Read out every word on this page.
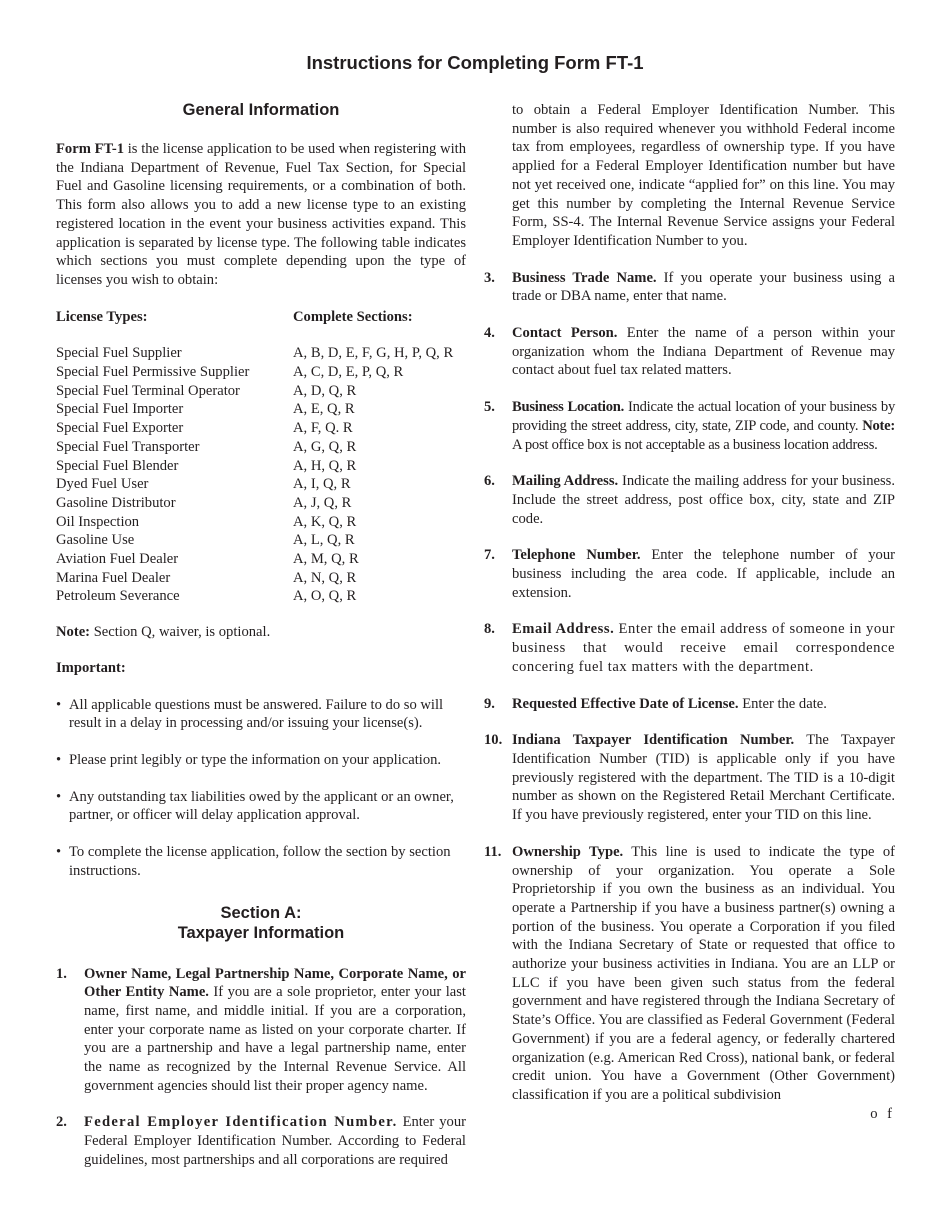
Instructions for Completing Form FT-1
General Information

Form FT-1 is the license application to be used when registering with the Indiana Department of Revenue, Fuel Tax Section, for Special Fuel and Gasoline licensing requirements, or a combination of both. This form also allows you to add a new license type to an existing registered location in the event your business activities expand. This application is separated by license type. The following table indicates which sections you must complete depending upon the type of licenses you wish to obtain:

License Types:	Complete Sections:
Special Fuel Supplier	A, B, D, E, F, G, H, P, Q, R
Special Fuel Permissive Supplier	A, C, D, E, P, Q, R
Special Fuel Terminal Operator	A, D, Q, R
Special Fuel Importer	A, E, Q, R
Special Fuel Exporter	A, F, Q. R
Special Fuel Transporter	A, G, Q, R
Special Fuel Blender	A, H, Q, R
Dyed Fuel User	A, I, Q, R
Gasoline Distributor	A, J, Q, R
Oil Inspection	A, K, Q, R
Gasoline Use	A, L, Q, R
Aviation Fuel Dealer	A, M, Q, R
Marina Fuel Dealer	A, N, Q, R
Petroleum Severance	A, O, Q, R

Note: Section Q, waiver, is optional.

Important:
• All applicable questions must be answered. Failure to do so will result in a delay in processing and/or issuing your license(s).
• Please print legibly or type the information on your application.
• Any outstanding tax liabilities owed by the applicant or an owner, partner, or officer will delay application approval.
• To complete the license application, follow the section by section instructions.
Section A:
Taxpayer Information
1. Owner Name, Legal Partnership Name, Corporate Name, or Other Entity Name. If you are a sole proprietor, enter your last name, first name, and middle initial. If you are a corporation, enter your corporate name as listed on your corporate charter. If you are a partnership and have a legal partnership name, enter the name as recognized by the Internal Revenue Service. All government agencies should list their proper agency name.

2. Federal Employer Identification Number. Enter your Federal Employer Identification Number. According to Federal guidelines, most partnerships and all corporations are required

to obtain a Federal Employer Identification Number. This number is also required whenever you withhold Federal income tax from employees, regardless of ownership type. If you have applied for a Federal Employer Identification number but have not yet received one, indicate “applied for” on this line. You may get this number by completing the Internal Revenue Service Form, SS-4. The Internal Revenue Service assigns your Federal Employer Identification Number to you.

3. Business Trade Name. If you operate your business using a trade or DBA name, enter that name.

4. Contact Person. Enter the name of a person within your organization whom the Indiana Department of Revenue may contact about fuel tax related matters.

5. Business Location. Indicate the actual location of your business by providing the street address, city, state, ZIP code, and county. Note: A post office box is not acceptable as a business location address.

6. Mailing Address. Indicate the mailing address for your business. Include the street address, post office box, city, state and ZIP code.

7. Telephone Number. Enter the telephone number of your business including the area code. If applicable, include an extension.

8. Email Address. Enter the email address of someone in your business that would receive email correspondence concering fuel tax matters with the department.

9. Requested Effective Date of License. Enter the date.

10. Indiana Taxpayer Identification Number. The Taxpayer Identification Number (TID) is applicable only if you have previously registered with the department. The TID is a 10-digit number as shown on the Registered Retail Merchant Certificate. If you have previously registered, enter your TID on this line.

11. Ownership Type. This line is used to indicate the type of ownership of your organization. You operate a Sole Proprietorship if you own the business as an individual. You operate a Partnership if you have a business partner(s) owning a portion of the business. You operate a Corporation if you filed with the Indiana Secretary of State or requested that office to authorize your business activities in Indiana. You are an LLP or LLC if you have been given such status from the federal government and have registered through the Indiana Secretary of State’s Office. You are classified as Federal Government (Federal Government) if you are a federal agency, or federally chartered organization (e.g. American Red Cross), national bank, or federal credit union. You have a Government (Other Government) classification if you are a political subdivision

o f
